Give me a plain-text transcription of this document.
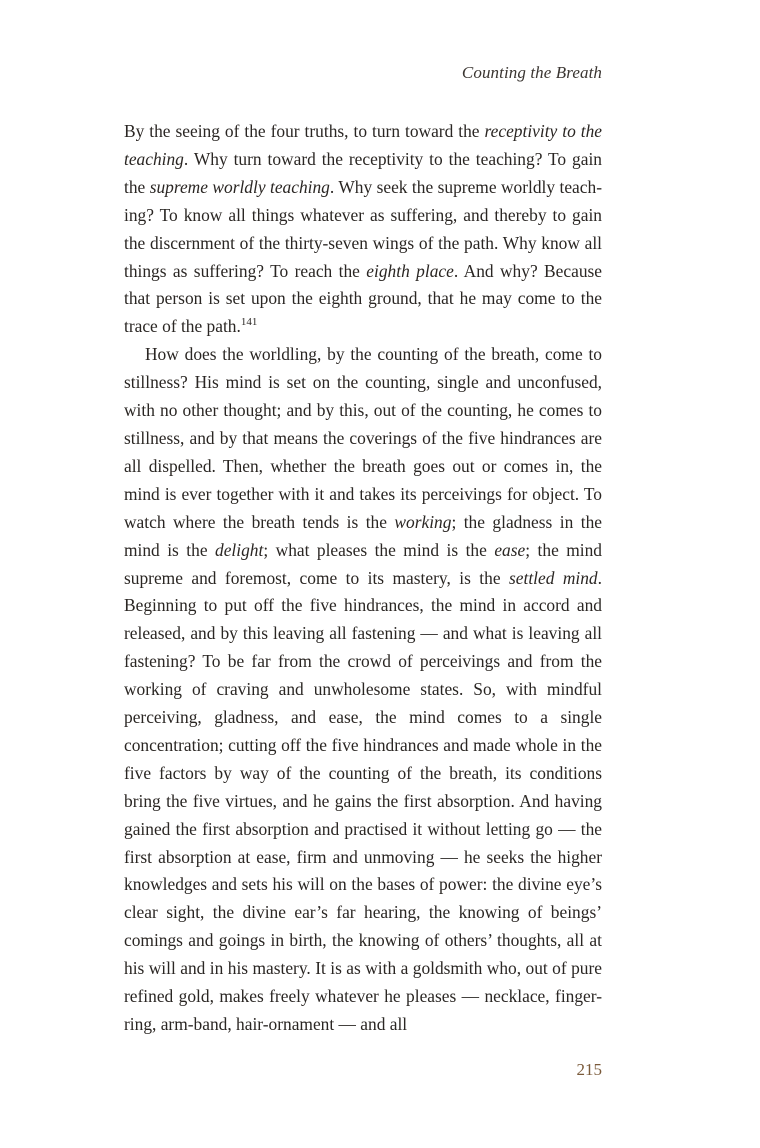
Counting the Breath

By the seeing of the four truths, to turn toward the receptivity to the teaching. Why turn toward the receptivity to the teaching? To gain the supreme worldly teaching. Why seek the supreme worldly teaching? To know all things whatever as suffering, and thereby to gain the discernment of the thirty-seven wings of the path. Why know all things as suffering? To reach the eighth place. And why? Because that person is set upon the eighth ground, that he may come to the trace of the path.$^{141}$

How does the worldling, by the counting of the breath, come to stillness? His mind is set on the counting, single and unconfused, with no other thought; and by this, out of the counting, he comes to stillness, and by that means the coverings of the five hindrances are all dispelled. Then, whether the breath goes out or comes in, the mind is ever together with it and takes its perceivings for object. To watch where the breath tends is the working; the gladness in the mind is the delight; what pleases the mind is the ease; the mind supreme and foremost, come to its mastery, is the settled mind. Beginning to put off the five hindrances, the mind in accord and released, and by this leaving all fastening — and what is leaving all fastening? To be far from the crowd of perceivings and from the working of craving and unwholesome states. So, with mindful perceiving, gladness, and ease, the mind comes to a single concentration; cutting off the five hindrances and made whole in the five factors by way of the counting of the breath, its conditions bring the five virtues, and he gains the first absorption. And having gained the first absorption and practised it without letting go — the first absorption at ease, firm and unmoving — he seeks the higher knowledges and sets his will on the bases of power: the divine eye’s clear sight, the divine ear’s far hearing, the knowing of beings’ comings and goings in birth, the knowing of others’ thoughts, all at his will and in his mastery. It is as with a goldsmith who, out of pure refined gold, makes freely whatever he pleases — necklace, finger-ring, arm-band, hair-ornament — and all

215
